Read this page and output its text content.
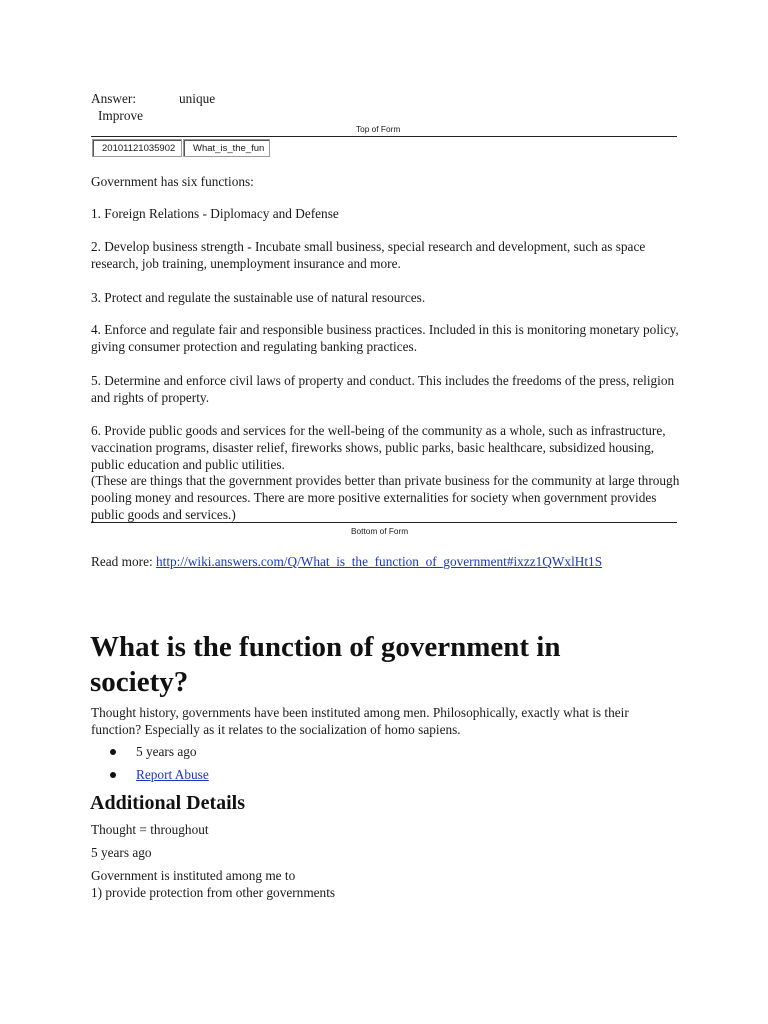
Answer:	unique
Improve
Top of Form
20101121035902	What_is_the_fun

Government has six functions:

1. Foreign Relations - Diplomacy and Defense

2. Develop business strength - Incubate small business, special research and development, such as space research, job training, unemployment insurance and more.

3. Protect and regulate the sustainable use of natural resources.

4. Enforce and regulate fair and responsible business practices. Included in this is monitoring monetary policy, giving consumer protection and regulating banking practices.

5. Determine and enforce civil laws of property and conduct. This includes the freedoms of the press, religion and rights of property.

6. Provide public goods and services for the well-being of the community as a whole, such as infrastructure, vaccination programs, disaster relief, fireworks shows, public parks, basic healthcare, subsidized housing, public education and public utilities.

(These are things that the government provides better than private business for the community at large through pooling money and resources. There are more positive externalities for society when government provides public goods and services.)

Bottom of Form
Read more: http://wiki.answers.com/Q/What_is_the_function_of_government#ixzz1QWxlHt1S
What is the function of government in society?

Thought history, governments have been instituted among men. Philosophically, exactly what is their function? Especially as it relates to the socialization of homo sapiens.

5 years ago
Report Abuse
Additional Details
Thought = throughout
5 years ago
Government is instituted among me to
1) provide protection from other governments
